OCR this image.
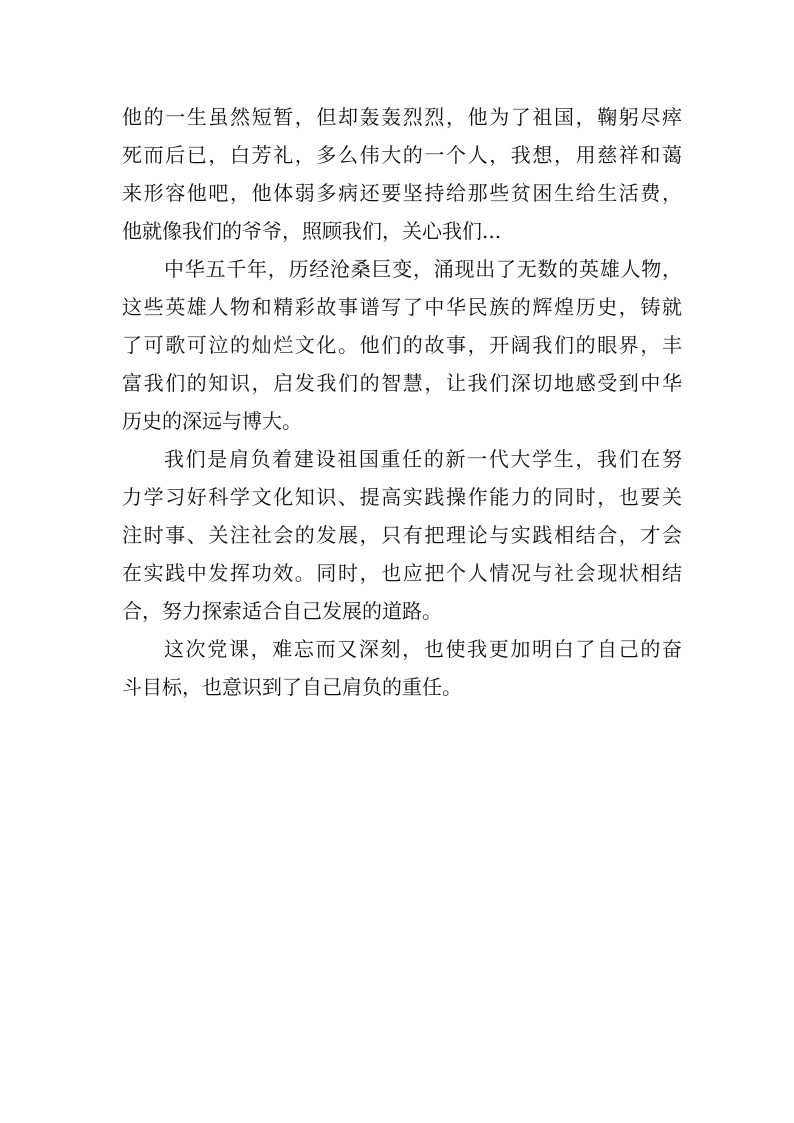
他的一生虽然短暂，但却轰轰烈烈，他为了祖国，鞠躬尽瘁
死而后已，白芳礼，多么伟大的一个人，我想，用慈祥和蔼
来形容他吧，他体弱多病还要坚持给那些贫困生给生活费，
他就像我们的爷爷，照顾我们，关心我们...
中华五千年，历经沧桑巨变，涌现出了无数的英雄人物，
这些英雄人物和精彩故事谱写了中华民族的辉煌历史，铸就
了可歌可泣的灿烂文化。他们的故事，开阔我们的眼界，丰
富我们的知识，启发我们的智慧，让我们深切地感受到中华
历史的深远与博大。
我们是肩负着建设祖国重任的新一代大学生，我们在努
力学习好科学文化知识、提高实践操作能力的同时，也要关
注时事、关注社会的发展，只有把理论与实践相结合，才会
在实践中发挥功效。同时，也应把个人情况与社会现状相结
合，努力探索适合自己发展的道路。
这次党课，难忘而又深刻，也使我更加明白了自己的奋
斗目标，也意识到了自己肩负的重任。
